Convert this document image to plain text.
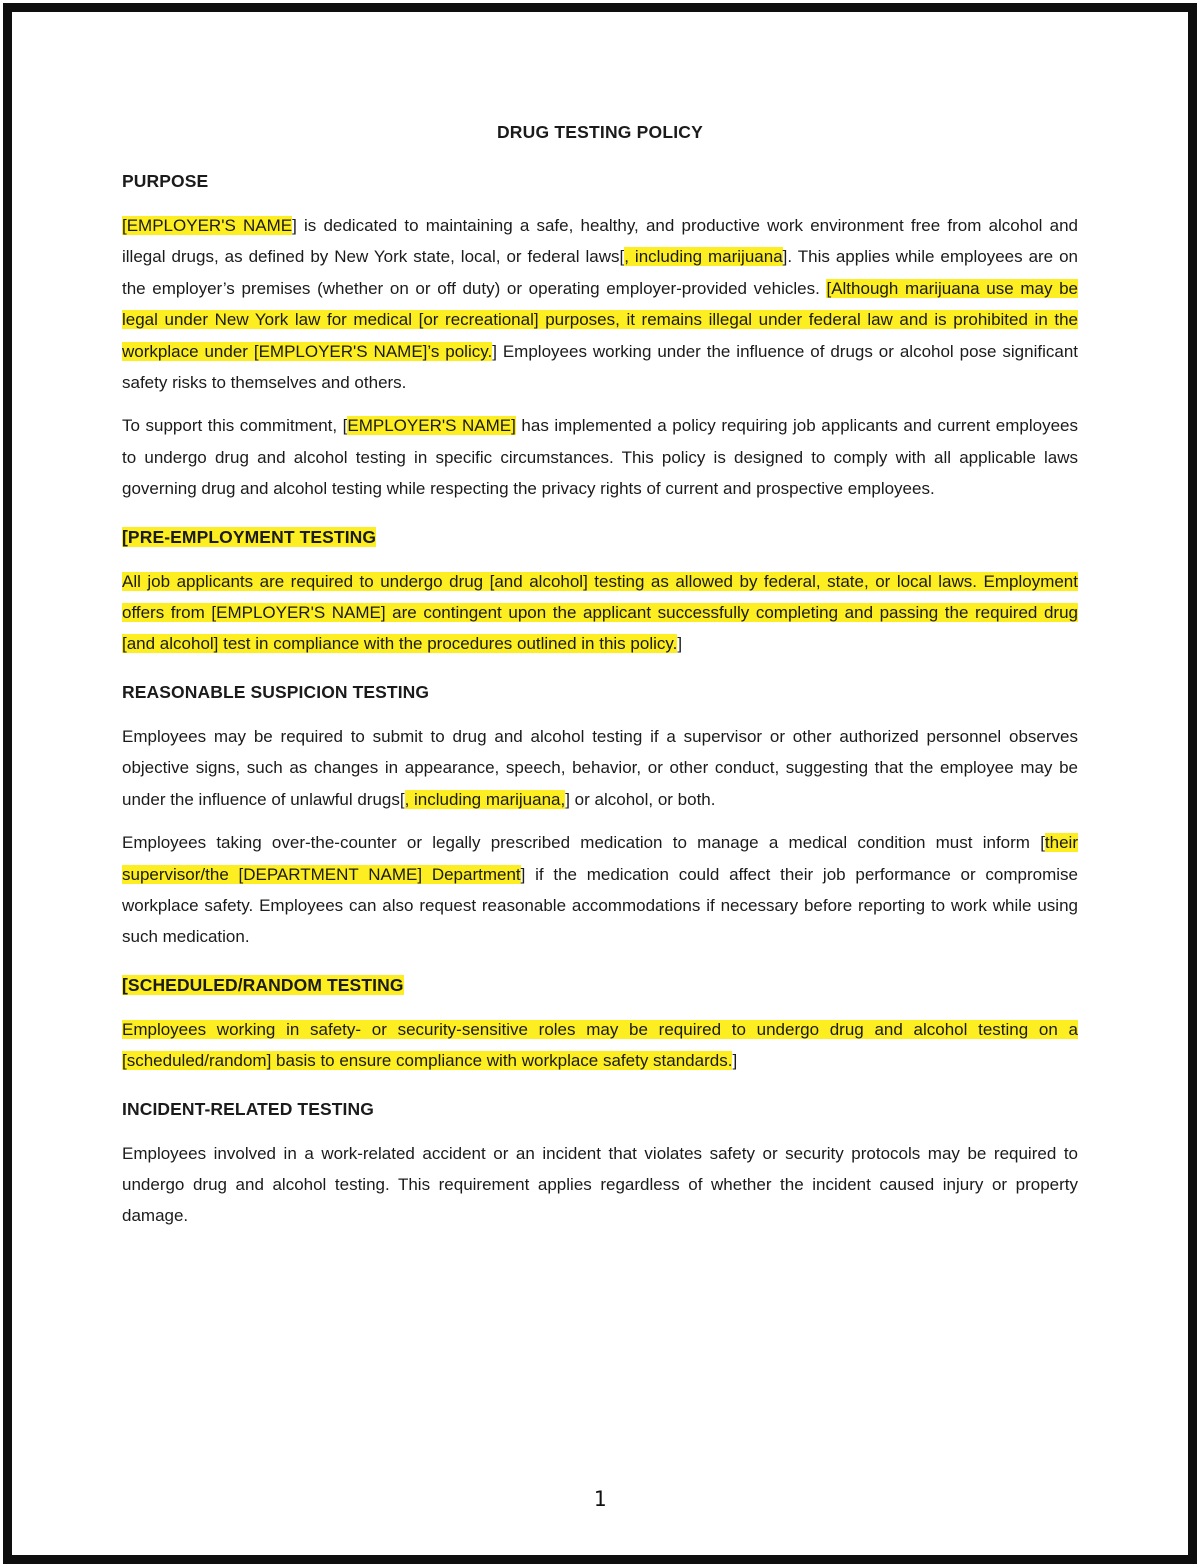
DRUG TESTING POLICY
PURPOSE

[EMPLOYER'S NAME] is dedicated to maintaining a safe, healthy, and productive work environment free from alcohol and illegal drugs, as defined by New York state, local, or federal laws[, including marijuana]. This applies while employees are on the employer’s premises (whether on or off duty) or operating employer-provided vehicles. [Although marijuana use may be legal under New York law for medical [or recreational] purposes, it remains illegal under federal law and is prohibited in the workplace under [EMPLOYER'S NAME]’s policy.] Employees working under the influence of drugs or alcohol pose significant safety risks to themselves and others.

To support this commitment, [EMPLOYER'S NAME] has implemented a policy requiring job applicants and current employees to undergo drug and alcohol testing in specific circumstances. This policy is designed to comply with all applicable laws governing drug and alcohol testing while respecting the privacy rights of current and prospective employees.

[PRE-EMPLOYMENT TESTING

All job applicants are required to undergo drug [and alcohol] testing as allowed by federal, state, or local laws. Employment offers from [EMPLOYER'S NAME] are contingent upon the applicant successfully completing and passing the required drug [and alcohol] test in compliance with the procedures outlined in this policy.]

REASONABLE SUSPICION TESTING

Employees may be required to submit to drug and alcohol testing if a supervisor or other authorized personnel observes objective signs, such as changes in appearance, speech, behavior, or other conduct, suggesting that the employee may be under the influence of unlawful drugs[, including marijuana,] or alcohol, or both.

Employees taking over-the-counter or legally prescribed medication to manage a medical condition must inform [their supervisor/the [DEPARTMENT NAME] Department] if the medication could affect their job performance or compromise workplace safety. Employees can also request reasonable accommodations if necessary before reporting to work while using such medication.

[SCHEDULED/RANDOM TESTING

Employees working in safety- or security-sensitive roles may be required to undergo drug and alcohol testing on a [scheduled/random] basis to ensure compliance with workplace safety standards.]

INCIDENT-RELATED TESTING

Employees involved in a work-related accident or an incident that violates safety or security protocols may be required to undergo drug and alcohol testing. This requirement applies regardless of whether the incident caused injury or property damage.

1
